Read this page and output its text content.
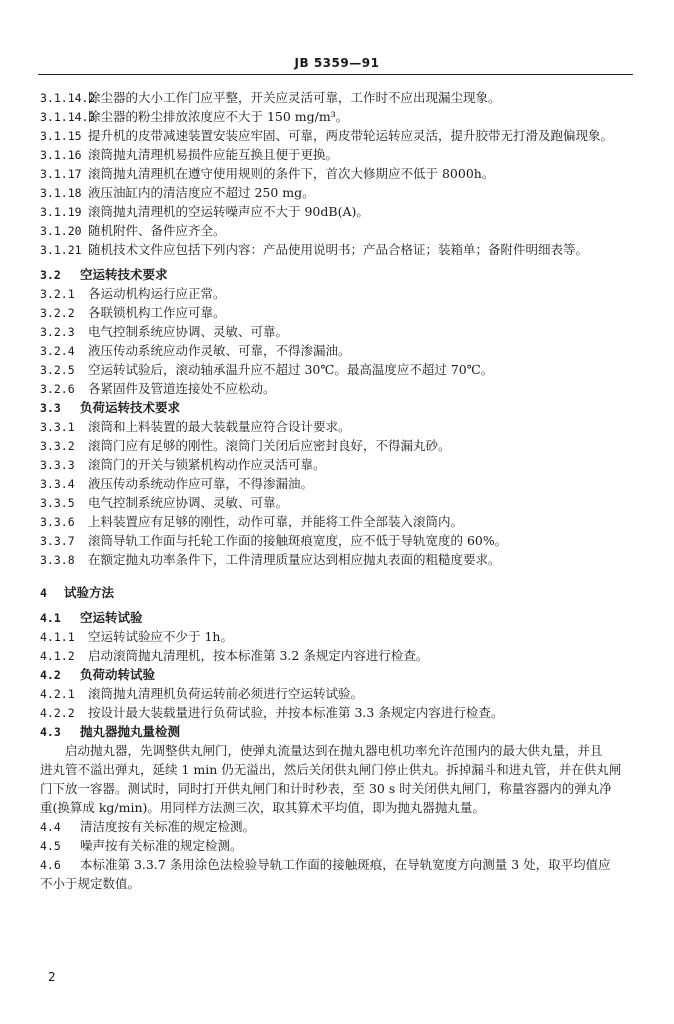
JB 5359—91
3.1.14.2除尘器的大小工作门应平整，开关应灵活可靠，工作时不应出现漏尘现象。
3.1.14.3除尘器的粉尘排放浓度应不大于 150 mg/m³。
3.1.15 提升机的皮带减速装置安装应牢固、可靠，两皮带轮运转应灵活，提升胶带无打滑及跑偏现象。
3.1.16 滚筒抛丸清理机易损件应能互换且便于更换。
3.1.17 滚筒抛丸清理机在遵守使用规则的条件下，首次大修期应不低于 8000h。
3.1.18 液压油缸内的清洁度应不超过 250 mg。
3.1.19 滚筒抛丸清理机的空运转噪声应不大于 90dB(A)。
3.1.20 随机附件、备件应齐全。
3.1.21 随机技术文件应包括下列内容：产品使用说明书；产品合格证；装箱单；备附件明细表等。
3.2 空运转技术要求
3.2.1 各运动机构运行应正常。
3.2.2 各联锁机构工作应可靠。
3.2.3 电气控制系统应协调、灵敏、可靠。
3.2.4 液压传动系统应动作灵敏、可靠，不得渗漏油。
3.2.5 空运转试验后，滚动轴承温升应不超过 30℃。最高温度应不超过 70℃。
3.2.6 各紧固件及管道连接处不应松动。
3.3 负荷运转技术要求
3.3.1 滚筒和上料装置的最大装载量应符合设计要求。
3.3.2 滚筒门应有足够的刚性。滚筒门关闭后应密封良好，不得漏丸砂。
3.3.3 滚筒门的开关与锁紧机构动作应灵活可靠。
3.3.4 液压传动系统动作应可靠，不得渗漏油。
3.3.5 电气控制系统应协调、灵敏、可靠。
3.3.6 上料装置应有足够的刚性，动作可靠，并能将工件全部装入滚筒内。
3.3.7 滚筒导轨工作面与托轮工作面的接触斑痕宽度，应不低于导轨宽度的 60%。
3.3.8 在额定抛丸功率条件下，工件清理质量应达到相应抛丸表面的粗糙度要求。
4 试验方法
4.1 空运转试验
4.1.1 空运转试验应不少于 1h。
4.1.2 启动滚筒抛丸清理机，按本标准第 3.2 条规定内容进行检查。
4.2 负荷动转试验
4.2.1 滚筒抛丸清理机负荷运转前必须进行空运转试验。
4.2.2 按设计最大装载量进行负荷试验，并按本标准第 3.3 条规定内容进行检查。
4.3 抛丸器抛丸量检测
启动抛丸器，先调整供丸闸门，使弹丸流量达到在抛丸器电机功率允许范围内的最大供丸量，并且
进丸管不溢出弹丸，延续 1 min 仍无溢出，然后关闭供丸闸门停止供丸。拆掉漏斗和进丸管，并在供丸闸
门下放一容器。测试时，同时打开供丸闸门和计时秒表，至 30 s 时关闭供丸闸门，称量容器内的弹丸净
重(换算成 kg/min)。用同样方法测三次，取其算术平均值，即为抛丸器抛丸量。
4.4 清洁度按有关标准的规定检测。
4.5 噪声按有关标准的规定检测。
4.6 本标准第 3.3.7 条用涂色法检验导轨工作面的接触斑痕，在导轨宽度方向测量 3 处，取平均值应
不小于规定数值。
2
